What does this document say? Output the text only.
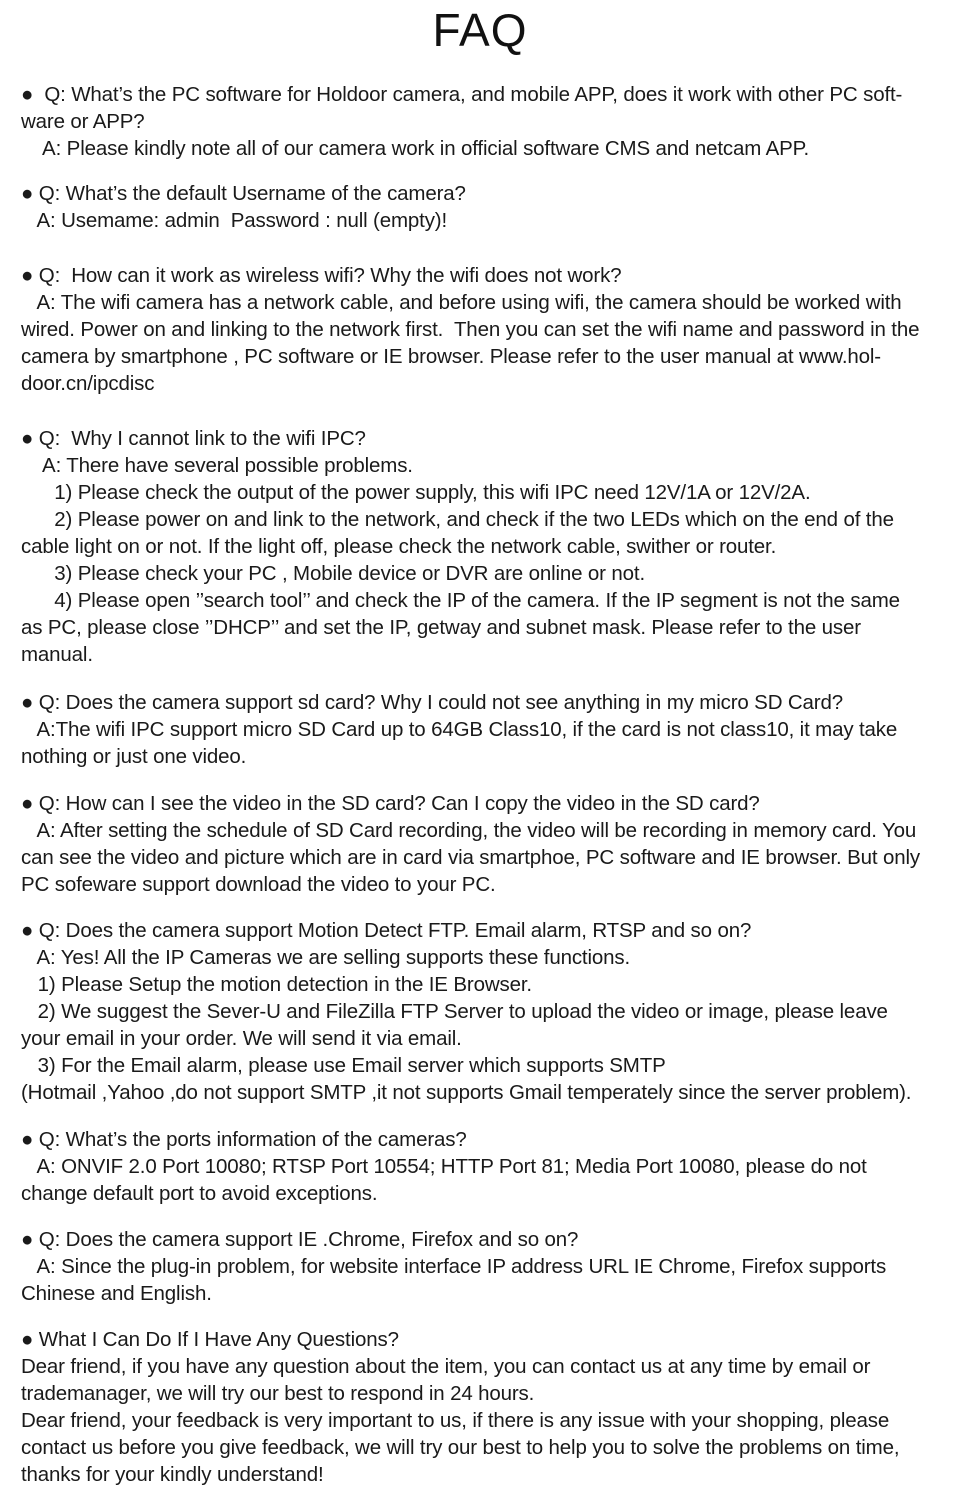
FAQ
●  Q: What’s the PC software for Holdoor camera, and mobile APP, does it work with other PC soft-
ware or APP?
A: Please kindly note all of our camera work in official software CMS and netcam APP.
● Q: What’s the default Username of the camera?
A: Usemame: admin  Password : null (empty)!
● Q:  How can it work as wireless wifi? Why the wifi does not work?
A: The wifi camera has a network cable, and before using wifi, the camera should be worked with
wired. Power on and linking to the network first.  Then you can set the wifi name and password in the
camera by smartphone , PC software or IE browser. Please refer to the user manual at www.hol-
door.cn/ipcdisc
● Q:  Why I cannot link to the wifi IPC?
A: There have several possible problems.
1) Please check the output of the power supply, this wifi IPC need 12V/1A or 12V/2A.
2) Please power on and link to the network, and check if the two LEDs which on the end of the
cable light on or not. If the light off, please check the network cable, swither or router.
3) Please check your PC , Mobile device or DVR are online or not.
4) Please open ’’search tool’’ and check the IP of the camera. If the IP segment is not the same
as PC, please close ’’DHCP’’ and set the IP, getway and subnet mask. Please refer to the user
manual.
● Q: Does the camera support sd card? Why I could not see anything in my micro SD Card?
A:The wifi IPC support micro SD Card up to 64GB Class10, if the card is not class10, it may take
nothing or just one video.
● Q: How can I see the video in the SD card? Can I copy the video in the SD card?
A: After setting the schedule of SD Card recording, the video will be recording in memory card. You
can see the video and picture which are in card via smartphoe, PC software and IE browser. But only
PC sofeware support download the video to your PC.
● Q: Does the camera support Motion Detect FTP. Email alarm, RTSP and so on?
A: Yes! All the IP Cameras we are selling supports these functions.
1) Please Setup the motion detection in the IE Browser.
2) We suggest the Sever-U and FileZilla FTP Server to upload the video or image, please leave
your email in your order. We will send it via email.
3) For the Email alarm, please use Email server which supports SMTP
(Hotmail ,Yahoo ,do not support SMTP ,it not supports Gmail temperately since the server problem).
● Q: What’s the ports information of the cameras?
A: ONVIF 2.0 Port 10080; RTSP Port 10554; HTTP Port 81; Media Port 10080, please do not
change default port to avoid exceptions.
● Q: Does the camera support IE .Chrome, Firefox and so on?
A: Since the plug-in problem, for website interface IP address URL IE Chrome, Firefox supports
Chinese and English.
● What I Can Do If I Have Any Questions?
Dear friend, if you have any question about the item, you can contact us at any time by email or
trademanager, we will try our best to respond in 24 hours.
Dear friend, your feedback is very important to us, if there is any issue with your shopping, please
contact us before you give feedback, we will try our best to help you to solve the problems on time,
thanks for your kindly understand!
